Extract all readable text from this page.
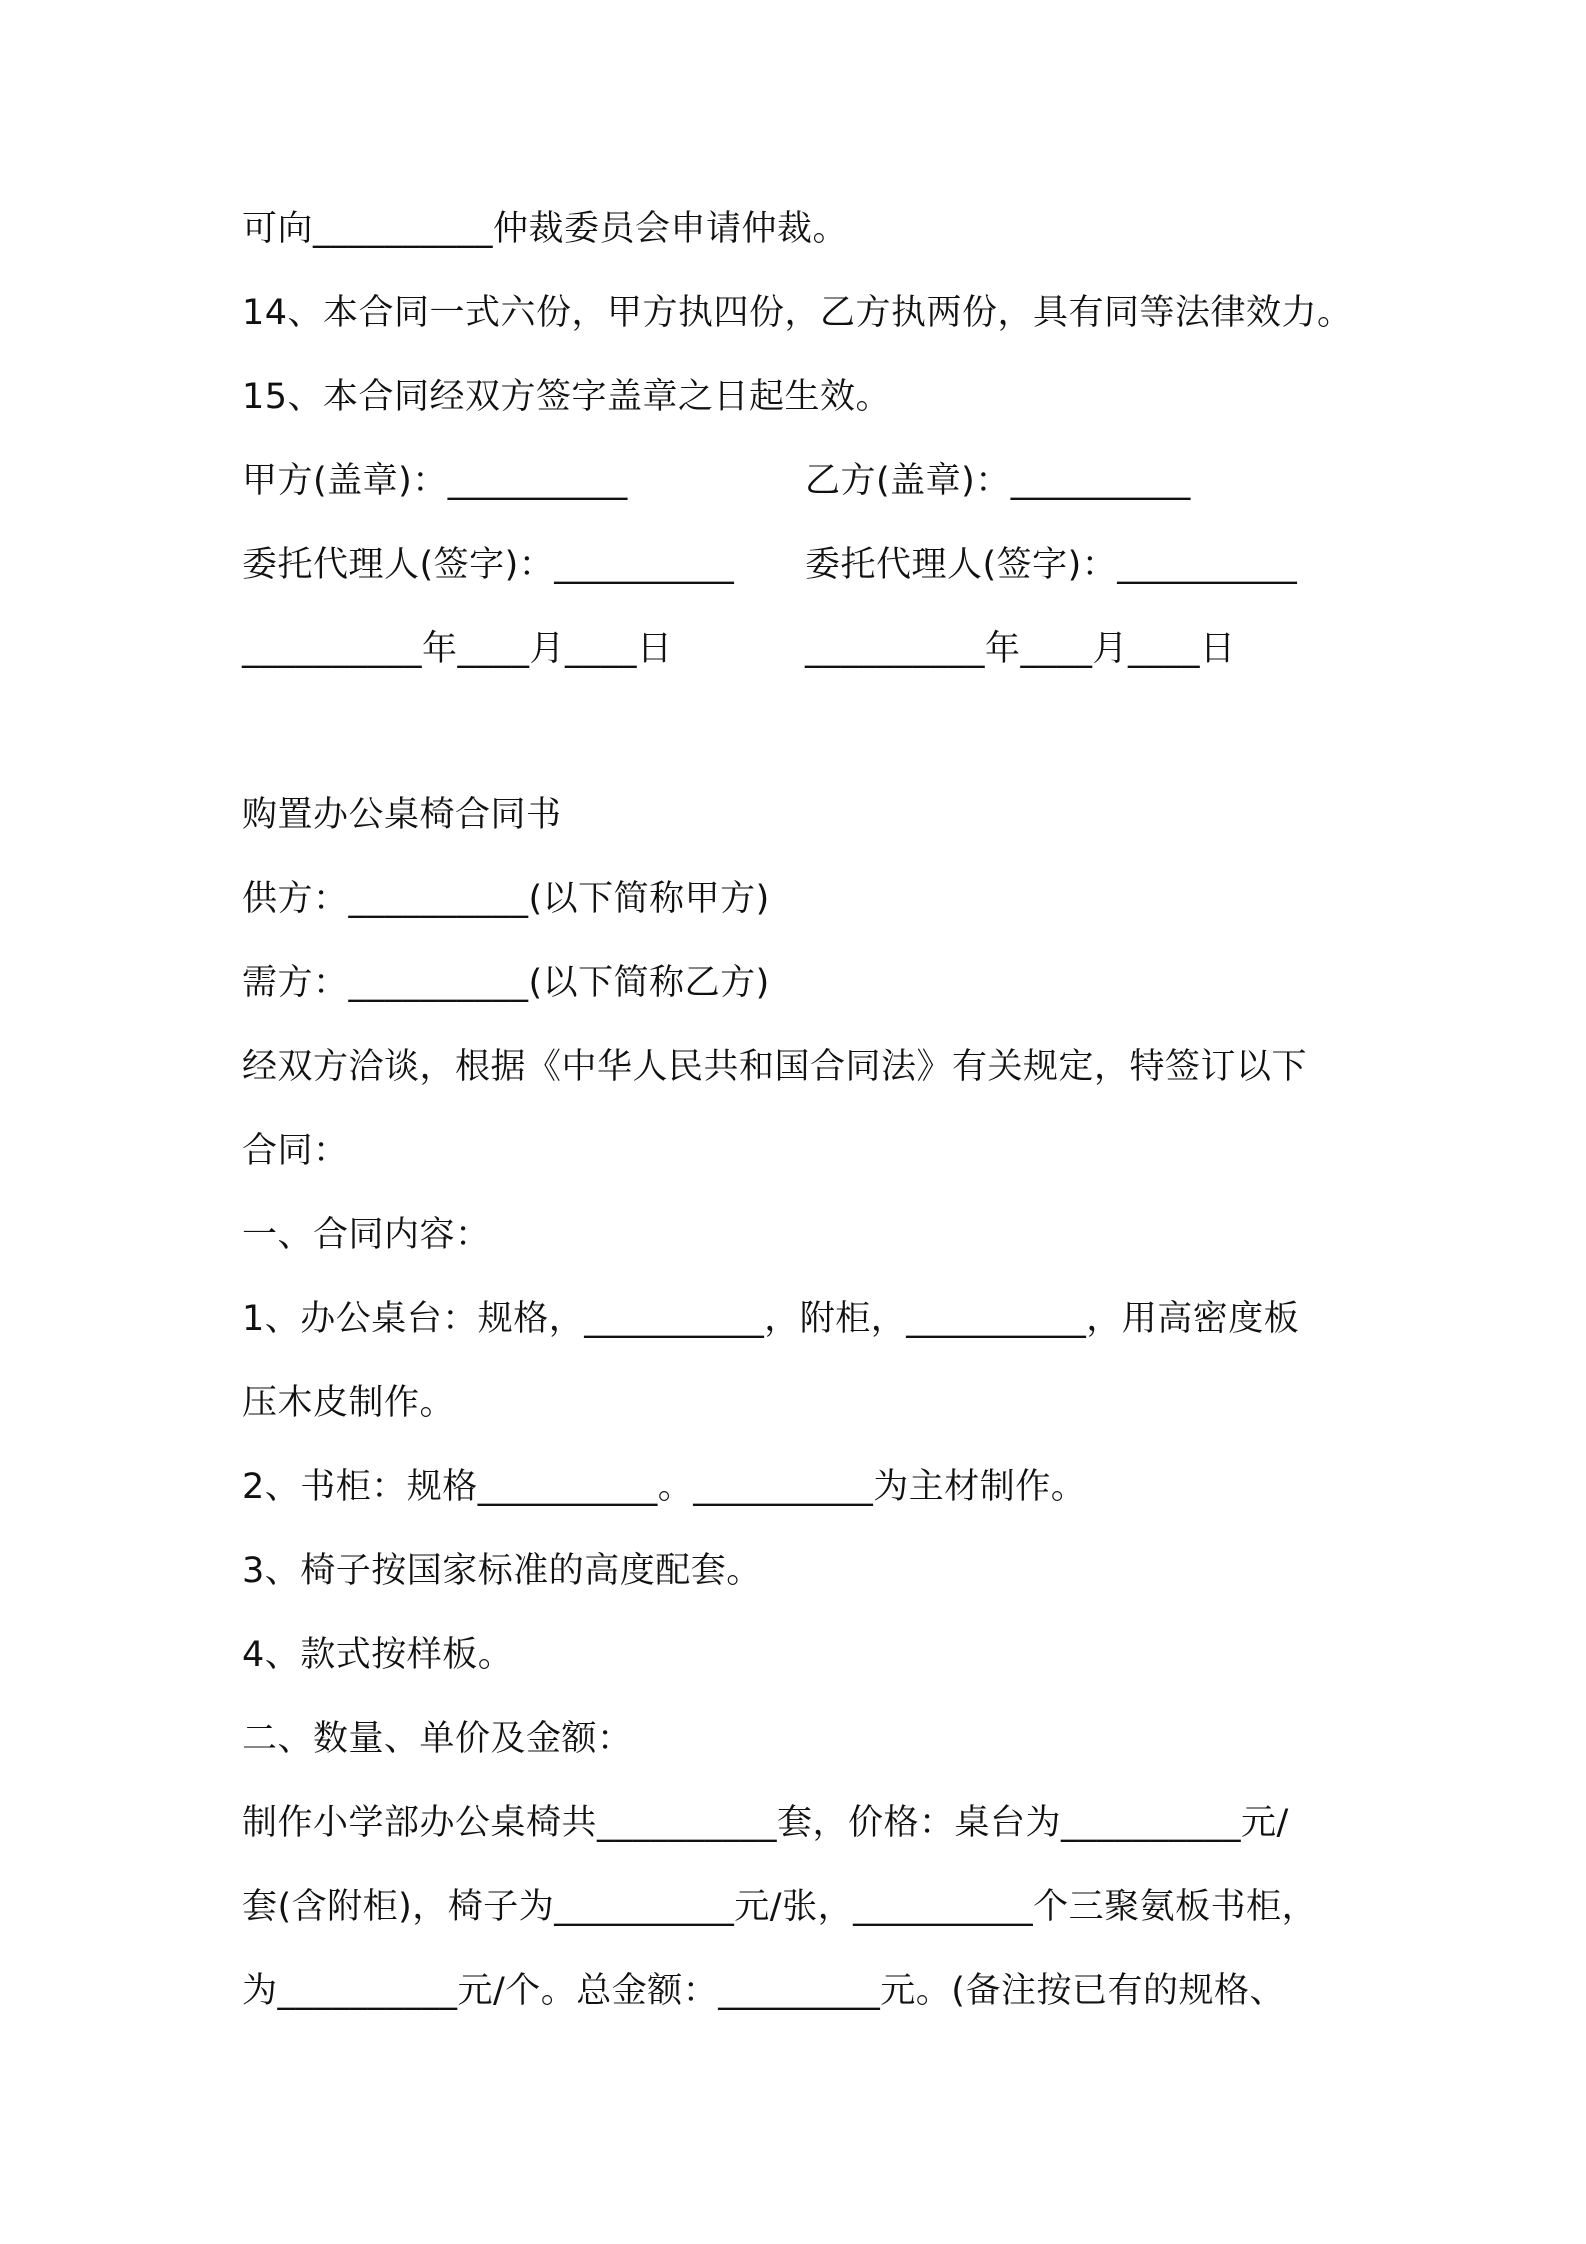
可向__________仲裁委员会申请仲裁。
14、本合同一式六份，甲方执四份，乙方执两份，具有同等法律效力。
15、本合同经双方签字盖章之日起生效。
甲方(盖章)：__________	乙方(盖章)：__________
委托代理人(签字)：__________ 委托代理人(签字)：__________
__________年____月____日	__________年____月____日
购置办公桌椅合同书
供方：__________(以下简称甲方)
需方：__________(以下简称乙方)
经双方洽谈，根据《中华人民共和国合同法》有关规定，特签订以下
合同：
一、合同内容：
1、办公桌台：规格，__________，附柜，__________，用高密度板
压木皮制作。
2、书柜：规格__________。__________为主材制作。
3、椅子按国家标准的高度配套。
4、款式按样板。
二、数量、单价及金额：
制作小学部办公桌椅共__________套，价格：桌台为__________元/
套(含附柜)，椅子为__________元/张，__________个三聚氨板书柜，
为__________元/个。总金额：_________元。(备注按已有的规格、
